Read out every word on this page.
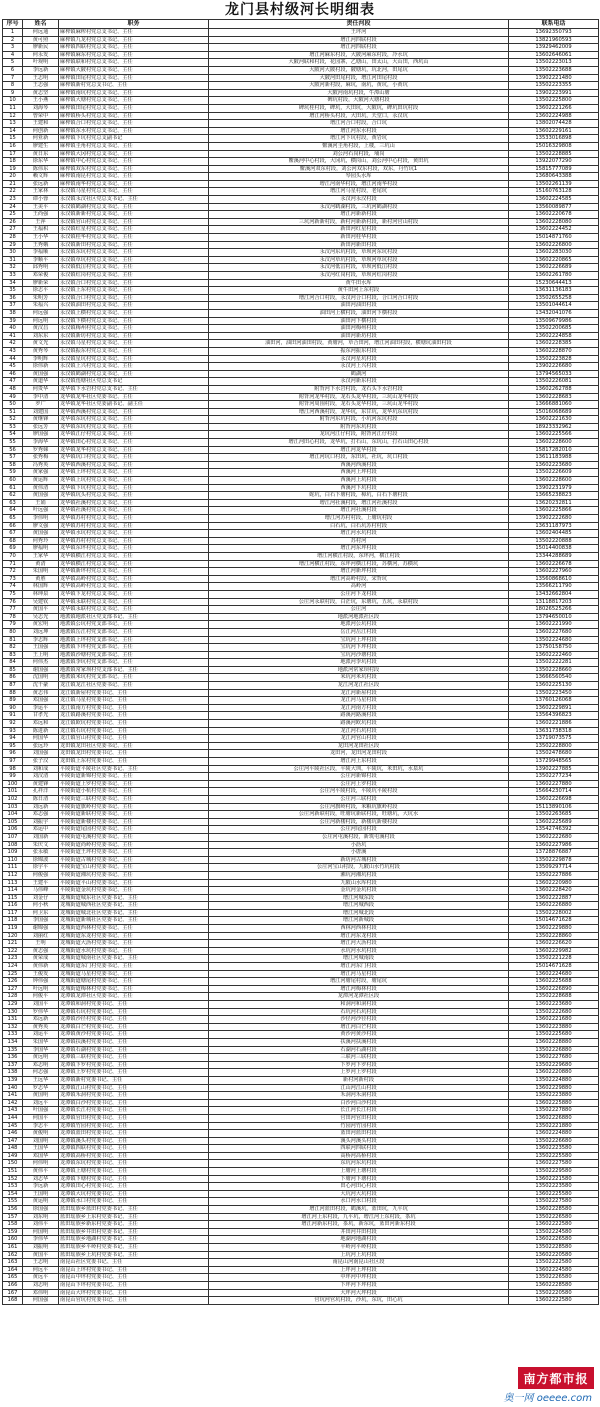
龙门县村级河长明细表
序号	姓名	职务	责任河段	联系电话
1	何远通	麻榨镇麻榨村党总支书记、主任	王坪河	13692350793
2	黄可照	麻榨镇九龙村党总支书记、主任	增江河四联村段	13821960593
3	廖新民	麻榨镇四联村党总支书记、主任	增江河四联村段	13929462009
4	何永发	麻榨镇麻东村党总支书记、主任	增江河麻东村段，大陂河麻东村段，冷水坑	13602646061
5	叶观明	麻榨镇联和村党总支书记、主任	大陂河联和村段，花园寨，乙塘山，田太山，大山田，西坑山	13502223013
6	李远新	麻榨镇大陂村党总支书记、主任	大陂河大陂村段，陂塘坑，坑北河，田尾坑	13502223688
7	王志明	麻榨镇田尾村党总支书记、主任	大陂河田尾村段，增江河田尾村段	13902221480
8	王志强	麻榨镇新村党总支书记、主任	大陂河新村段，麻坑，南坑，黄坑，小黄坑	13502223355
9	黄志坚	麻榨镇南坑村党总支书记、主任	大陂河南坑村段，牛潭山塘	13902223991
10	王小燕	麻榨镇大塘村党总支书记、主任	碑坑村段，大陂河大塘村段	13502225800
11	刘海琴	麻榨镇田尾村党总支书记、主任	碑坑桂村段，碑坑，大田坑，大陂坑，碑坑田坑村段	13602221266
12	曾荣中	麻榨镇桥头村党总支书记、主任	增江河桥头村段，大田坑，天堂口，永汉坑	13602224988
13	王建和	麻榨镇合口村党总支书记、主任	增江河合口村段，合口坑	13802074428
14	何创新	麻榨镇东水村党总支书记、主任	增江河东水村段	13602229161
15	何亚新	麻榨镇下坑村党总支副书记	增江河下坑村段，黄岩坑	13533016898
16	廖建生	麻榨镇圭角村党总支书记、主任	鳖溪河圭角村段，上楼，三坑山	15016329808
17	黄日东	麻榨镇大冈村党总支书记、主任	刘公河石岗村段，埔岗	13502228885
18	徐东华	麻榨镇中心村党总支书记、主任	鳖溪河中心村段，大冈坑，横岗山，刘公河中心村段，黄田坑	13922077290
19	陈伟东	麻榨镇双东村党总支书记、主任	鳖溪河双东村段，刘公河双东村段，双东，丹竹坑1	15815777089
20	赖文辉	麻榨镇南昆村党总支书记、主任	琴园头水库	13680643388
21	张远新	麻榨镇南华村党总支书记、主任	增江河南华村段，增江河南华村段	13502261139
22	王家林	永汉镇马星村党总支书记、主任	增江河马星村段，老尾坑	15160763128
23	谭小蓉	永汉镇永汉社区党总支书记、主任	永汉河永汉村段	13602224585
24	王美平	永汉镇鹤湖村党总支书记、主任	永汉河鹤湖村段，三坑河鹤湖村段	13560089877
25	王尚强	永汉镇新新村党总支书记、主任	增江河新新村段	13602220678
26	王萍	永汉镇官山村党总支书记、主任	三坑河新新村段，新村河新新村段，新村河官山村段	13602228080
27	王福积	永汉镇红星村党总支书记、主任	新田河红星村段	13602224452
28	王小华	永汉镇桂华村党总支书记、主任	新田河桂华村段	15014871760
29	王秀娥	永汉镇新田村党总支书记、主任	新田河新田村段	13602226800
30	李福顺	永汉镇东坑村党总支书记、主任	永汉河东坑村段，草坝河东坑村段	13602283030
31	李顺平	永汉镇草坑村党总支书记、主任	永汉河草坑村段，草坝河草坑村段	13602220865
32	邱秀明	永汉镇低冚村党总支书记、主任	永汉河低冚村段，草坝河低冚村段	13602226689
33	邓荣俊	永汉镇红岗村党总支书记、主任	永汉河红岗村段，草坝河红岗村段	13602261780
34	廖新荣	永汉镇合口村党总支书记、主任	黄牛田水库	15230644413
35	徐志平	永汉镇上东村党总支书记、主任	黄牛田河上东村段	13631136183
36	朱明芳	永汉镇合口村党总支书记、主任	增江河合口村段，永汉河合口村段，合口河合口村段	13502655258
37	朱福兴	永汉镇油田村党总支书记、主任	油田河油田村段	13501044614
38	何远强	永汉镇上横村党总支书记、主任	油田河上横村段，油田河下横村段	13432041076
39	何远明	永汉镇下横村党总支书记、主任	油田河下横村段	13509679986
40	黄汉昌	永汉镇梅州村党总支书记、主任	油田河梅州村段	13502200685
41	刘东东	永汉镇新坊村党总支书记、主任	油田河新坊村段	13602224858
42	黄文光	永汉镇马星村党总支书记、主任	油田河，油田河油田村段，黄塘河，草合田河，增江河油田村段，横塘坑油田村段	13602228385
43	黄秀琴	永汉镇振东村党总支书记、主任	振东河振东村段	13602228870
44	李明辉	永汉镇星坑村党总支书记、主任	永汉河星坑村段	13502223828
45	徐伟新	永汉镇上兴村党总支书记、主任	永汉河上兴村段	13902226680
46	黄国强	永汉镇鹤湖村党总支书记、主任	鹤湖河	13794565033
47	黄道华	永汉镇莲塘社区党总支书记	永汉河新东村段	13502226081
48	何贵华	龙华镇下水岩村党总支书记、主任	附背河下水岩村段，龙石头下水岩村段	13602262788
49	李中清	龙华镇龙华社区党委书记、主任	附背河龙华村段，龙石头龙华村段，三坑山龙华村段	13602228683
50	罗广	龙华镇龙华社区党委副书记、副主任	附背河周围村段，龙石头龙华村段，三坑山龙华村段	13666881060
51	刘建国	龙华镇西溪村党总支书记、主任	增江河西溪村段，龙华坑，东甘坑，龙华坑东坑村段	15016068689
52	黄继锋	龙华镇东坑村党总支书记、主任	附背河东坑村段，小坑河东坑村段	13602221630
53	张远芳	龙华镇东坑村党总支书记、主任	附背河东坑村段	18923332962
54	廖国强	龙华镇江仔村党总支书记、主任	龙坑河江仔村段，附背河江仔村段	13602225566
55	李海华	龙华镇田心村党总支书记、主任	增江河田心村段，龙华坑，打石山，东坑山，打石山田心村段	13602228600
56	罗秀娣	龙华镇龙华村党总支书记、主任	增江河龙华村段	15817282010
57	张秀梅	龙华镇坑口村党总支书记、主任	增江河坑口村段，东田坑，社坑，坑口村段	13611183988
58	冯秀英	龙华镇西溪村党总支书记、主任	西溪河西溪村段	13602223680
59	黄家强	龙华镇上坪村党总支书记、主任	西溪河上坪村段	13502226609
60	黄运辉	龙华镇上坑村党总支书记、主任	西溪河上坑村段	13602228600
61	黄伟清	龙华镇下坑村党总支书记、主任	西溪河下坑村段	13902231979
62	黄国强	龙华镇坑头村党总支书记、主任	蛇坑，白石下塘村段，樟坑，白石下塘村段	13665238823
63	王娟	龙华镇社溪村党总支书记、主任	增江河社溪村段，增江河社溪村段	13620232811
64	叶远强	龙华镇社溪村党总支书记、主任	增江河社溪村段	13602225866
65	李伟明	龙华镇苏村村党总支书记、主任	增江河苏村村段，上塘坑村段	13902222680
66	廖文强	龙华镇苏村村党总支书记、主任	白石坑，白石坑苏村村段	13631187973
67	黄国强	龙华镇水坑村党总支书记、主任	增江河水坑村段	13602404485
68	何秀玲	龙华镇苏村村党总支书记、主任	苏村河	13502220888
69	廖福明	龙华镇东坪村党总支书记、主任	增江河东坪村段	15014400838
70	王家华	龙华镇横江村党总支书记、主任	增江河横江村段，东坪河，横江村段	13344288689
71	黄清	龙华镇横江村党总支书记、主任	增江河横江村段，东坪河横江村段，苏横河，苏横坑	13602226678
72	朱国明	龙华镇新坪村党总支书记、主任	增江河新坪村段	13602227960
73	黄胜	龙华镇高岭村党总支书记、主任	增江河高岭村段，宋背坑	13560868610
74	林国辉	龙华镇高岭村党总支书记、主任	高岭河	13566211790
75	林坤泉	龙华镇下龙村党总支书记、主任	公庄河下龙村段	13432662804
76	吴建钦	龙华镇永联村党总支书记、主任	公庄河永联村段，白茫坑，东塘坑，五坑，永联村段	13118817203
77	黄国平	龙华镇永联村党总支书记、主任	公庄河	18026525266
78	吴志光	地派镇地派社区党支部书记、主任	地派河地派社区段	13794650010
79	黄宏明	地派镇公坑村党支部书记、主任	地派河公坑村段	13602221990
80	刘远坤	地派镇岳江村党支部书记、主任	岳江河岳江村段	13602227680
81	李志辉	地派镇上坪村党支部书记、主任	宝坑河上坪村段	13502224680
82	王国强	地派镇下坪村党支部书记、主任	宝坑河下坪村段	13750158750
83	王上明	地派镇沙塘村党支部书记、主任	宝坑河沙塘村段	13602222460
84	何伟杰	地派镇李坑村党支部书记、主任	地派河李坑村段	13502222281
85	谢国强	地派镇常家坝村党支部书记、主任	地派河常家坝村段	13502228660
86	沈国明	地派镇米坑村党支部书记、主任	米坑河米坑村段	13666560540
87	沈干豪	龙江镇龙江社区党委书记、主任	龙江河龙江社区段	13602225130
88	黄志伟	龙江镇新屋村党委书记、主任	龙江河新屋村段	13502223450
89	邓国强	龙江镇马星村党委书记、主任	龙江河马星村段	13760126068
90	李运平	龙江镇南方村党委书记、主任	龙江河南方村段	13602229891
91	甘孝光	龙江镇路溪村党委书记、主任	路溪河路溪村段	13564396823
92	邓远和	龙江镇欧坑村党委书记、主任	路溪河欧坑村段	13602221886
93	陈进新	龙江镇石坑村党委书记、主任	龙江河石坑村段	13631738318
94	何国华	龙江镇官山村党委书记、主任	龙江河官山村段	13719073575
95	张远玲	龙田镇龙田社区党委书记、主任	龙田河龙田社区段	13502228800
96	刘国强	龙田镇龙田村党委书记、主任	龙田河，龙田河龙田村段	13502478680
97	张子汉	龙田镇上东村党委书记、主任	增江河上东村段	13729948565
98	刘和成	平陵街道平陵社区党委书记、主任	公庄河平陵社区段，平陵大圳，平陵坑，米田坑，水泉坑	13902227885
99	刘汉清	平陵街道新锦村党委书记、主任	公庄河新锦村段	13502277234
100	黄建锋	平陵街道上罗村党委书记、主任	公庄河上罗村段	13602227880
101	孔祥洋	平陵街道小杭村党委书记、主任	公庄河平陵村段，平陵坑平陵村段	15664230714
102	陈日清	平陵街道三联村党委书记、主任	公庄河三联村段	13602226698
103	刘远新	平陵街道旗岭村党委书记、主任	公庄河旗岭村段，米粮坑旗岭村段	15113890106
104	邓志强	平陵街道新联村党委书记、主任	公庄河新联村段，旺塘坑新联村段，旺塘坑，大坑水	13502263685
105	刘振宇	平陵街道新楼村党委书记、主任	公庄河新楼村段，新楼坑新楼村段	13602225689
106	邓运中	平陵街道尾园村党委书记、主任	公庄河尾园村段	13542746392
107	刘国新	平陵街道屯溪村党委书记、主任	公庄河屯溪村段，新筑屯溪村段	13602222680
108	朱庆文	平陵街道尚岭村党委书记、主任	小沥坑	13602227986
109	张永敏	平陵街道王坪村党委书记、主任	小唐溪	13728876887
110	徐锦波	平陵街道古城村党委书记、主任	新坊河古城村段	13502229878
111	徐宇平	平陵街道宝山村党委书记、主任	公庄河宝山村段，九陂山水竹坑村段	13509297714
112	何俊强	平陵街道湘坑村党委书记、主任	湘坑河湘坑村段	13502227886
113	王建平	平陵街道平山村党委书记、主任	九陂山水库村段	13602220980
114	马伟峰	平陵街道金坑村党委书记、主任	金坑河金坑村段	13602228420
115	刘金仔	龙城街道城东社区党委书记、主任	增江河城东段	13602222887
116	何小秋	龙城街道城西社区党委书记、主任	增江河城西段	13602226880
117	何卫东	龙城街道城北社区党委书记、主任	增江河城北段	13502228002
118	李国强	龙城街道新城社区党委书记、主任	增江河新城段	15014671628
119	谢锦强	龙城街道西林村党委书记、主任	西林河西林村段	13602229880
120	刘丽红	龙城街道东龙村党委书记、主任	增江河东龙村段	13502228860
121	王明	龙城街道大沥村党委书记、主任	增江河大沥村段	13602226620
122	黄志强	龙城街道水坑村党委书记、主任	水坑河水坑村段	13602229982
123	黄荣成	龙城街道城南社区党委书记、主任	增江河城南段	13502221228
124	黄伟新	龙城街道东门村党委书记、主任	增江河东门村段	15014671628
125	王俊发	龙城街道马星村党委书记、主任	增江河马星村段	13602224680
126	钟伟强	龙城街道塘尾村党委书记、主任	增江河塘尾村段，塘尾坑	13602225688
127	叶远明	龙城街道梅林村党委书记、主任	增江河梅林村段	13602226890
128	何俊平	龙潭镇龙潭社区党委书记、主任	龙潭河龙潭社区段	13502228688
129	刘国平	龙潭镇和洞村党委书记、主任	和洞河和洞村段	13602223680
130	罗伟华	龙潭镇石坑村党委书记、主任	石坑河石坑村段	13502222680
131	邓远新	龙潭镇沙径村党委书记、主任	沙径河沙径村段	13602221680
132	黄秀英	龙潭镇白芒村党委书记、主任	增江河白芒村段	13602223880
133	刘运平	龙潭镇黄沙村党委书记、主任	黄沙河黄沙村段	13502225680
134	朱国华	龙潭镇扶溪村党委书记、主任	扶溪河扶溪村段	13602228880
135	李国华	龙潭镇石湖村党委书记、主任	石湖河石湖村段	13502226880
136	黄远明	龙潭镇三联村党委书记、主任	三联河三联村段	13602227680
137	邓志明	龙潭镇下罗村党委书记、主任	下罗河下罗村段	13502229680
138	何志强	龙潭镇上罗村党委书记、主任	上罗河上罗村段	13602220880
139	王远华	龙潭镇新村党委书记、主任	新村河新村段	13502224880
140	罗志华	龙潭镇江山村党委书记、主任	江山河江山村段	13602229880
141	黄国明	龙潭镇禾洞村党委书记、主任	禾洞河禾洞村段	13502223880
142	刘远平	龙潭镇白沙村党委书记、主任	白沙河白沙村段	13602225880
143	叶国强	龙潭镇长江村党委书记、主任	长江河长江村段	13502227880
144	何国平	龙潭镇官田村党委书记、主任	官田河官田村段	13602226880
145	李志平	龙潭镇竹园村党委书记、主任	竹园河竹园村段	13502221880
146	黄俊明	龙潭镇蓝田村党委书记、主任	蓝田河蓝田村段	13602224880
147	刘国明	龙潭镇溪头村党委书记、主任	溪头河溪头村段	13502226680
148	王国华	龙潭镇四联村党委书记、主任	四联河四联村段	13602223580
149	邓国华	龙潭镇高桥村党委书记、主任	高桥河高桥村段	13502225580
150	何伟明	龙潭镇东坑村党委书记、主任	东坑河东坑村段	13602227580
151	黄伟平	龙潭镇上塘村党委书记、主任	上塘河上塘村段	13502229580
152	刘志华	龙潭镇下塘村党委书记、主任	下塘河下塘村段	13602221580
153	李远新	龙潭镇田心村党委书记、主任	田心河田心村段	13502223580
154	王国明	龙潭镇大坑村党委书记、主任	大坑河大坑村段	13602225580
155	黄运明	龙潭镇水口村党委书记、主任	水口河水口村段	13502227580
156	徐国强	蓝田瑶族乡蓝田村党委书记、主任	增江河蓝田村段，鹤溪坑，蓝田坑，九平坑	13602228580
157	刘东明	蓝田瑶族乡上东村党委书记、主任	增江河上东村段，九平坑，增江河上东村段，茶坑	13502226580
158	刘伟平	蓝田瑶族乡新东村党委书记、主任	增江河新东村段，茶坑，新东坑，蓝田河新东村段	13602222580
159	何国明	蓝田瑶族乡井田村党委书记、主任	井田河井田村段	13502224580
160	李伟华	蓝田瑶族乡地湖村党委书记、主任	地湖河地湖村段	13602226580
161	刘振明	蓝田瑶族乡平岭村党委书记、主任	平岭河平岭村段	13502228580
162	黄国平	蓝田瑶族乡上坑村党委书记、主任	上坑河上坑村段	13602220580
163	王志明	南昆山社区党委书记、主任	南昆山河南昆山社区段	13502222580
164	何远平	南昆山上坪村党委书记、主任	上坪河上坪村段	13602224580
165	黄远平	南昆山中坪村党委书记、主任	中坪河中坪村段	13502226580
166	刘志明	南昆山下坪村党委书记、主任	下坪河下坪村段	13602228580
167	邓伟明	南昆山大坪村党委书记、主任	大坪河大坪村段	13502220580
168	何国强	南昆山官坑村党委书记、主任	官坑河官坑村段，沙坑，东坑，田心坑	13602222580
南方都市报
奥一网 oeeee.com
